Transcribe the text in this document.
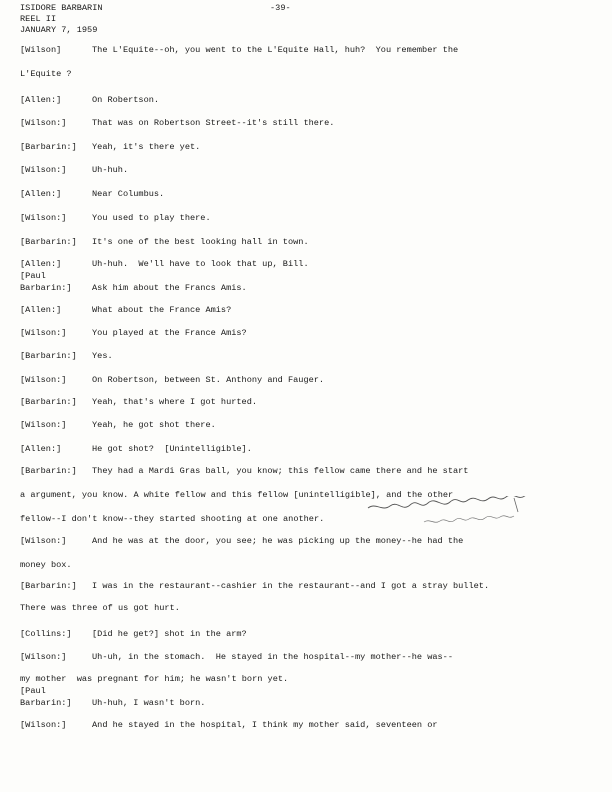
ISIDORE BARBARIN
REEL II
JANUARY 7, 1959
-39-
[Wilson]	The L'Equite--oh, you went to the L'Equite Hall, huh?  You remember the
L'Equite ?
[Allen:]	On Robertson.
[Wilson:]	That was on Robertson Street--it's still there.
[Barbarin:] Yeah, it's there yet.
[Wilson:]	Uh-huh.
[Allen:]	Near Columbus.
[Wilson:]	You used to play there.
[Barbarin:] It's one of the best looking hall in town.
[Allen:]	Uh-huh.  We'll have to look that up, Bill.
[Paul
Barbarin:] Ask him about the Francs Amis.
[Allen:]	What about the France Amis?
[Wilson:]	You played at the France Amis?
[Barbarin:] Yes.
[Wilson:]	On Robertson, between St. Anthony and Fauger.
[Barbarin:] Yeah, that's where I got hurted.
[Wilson:]	Yeah, he got shot there.
[Allen:]	He got shot?  [Unintelligible].
[Barbarin:] They had a Mardi Gras ball, you know; this fellow came there and he start
a argument, you know. A white fellow and this fellow [unintelligible], and the other
fellow--I don't know--they started shooting at one another.
[Wilson:]	And he was at the door, you see; he was picking up the money--he had the
money box.
[Barbarin:] I was in the restaurant--cashier in the restaurant--and I got a stray bullet.
There was three of us got hurt.
[Collins:] [Did he get?] shot in the arm?
[Wilson:]	Uh-uh, in the stomach.  He stayed in the hospital--my mother--he was--
my mother  was pregnant for him; he wasn't born yet.
[Paul
Barbarin:] Uh-huh, I wasn't born.
[Wilson:]	And he stayed in the hospital, I think my mother said, seventeen or
